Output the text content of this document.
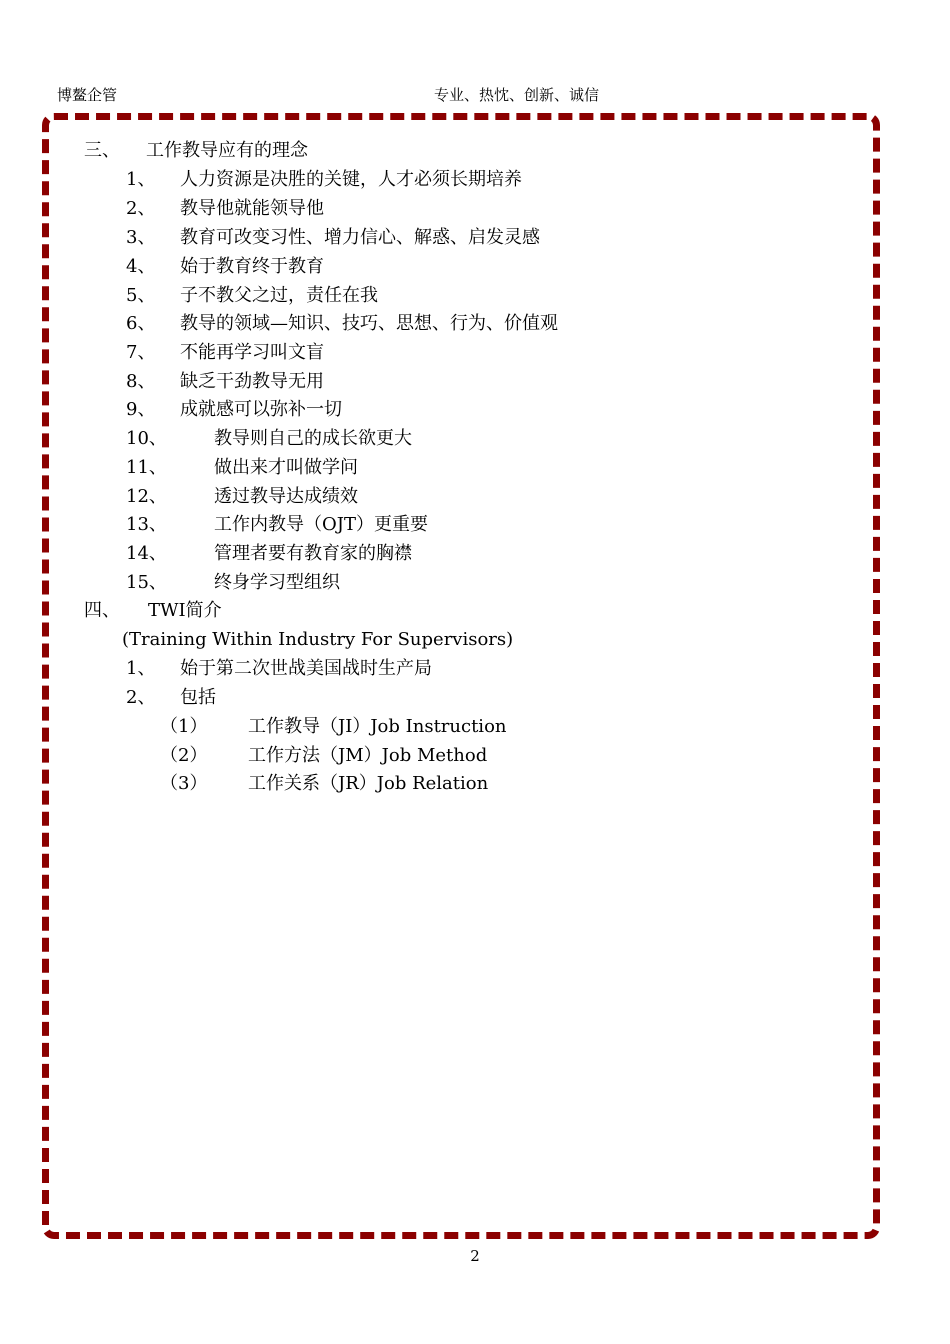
博鳌企管	专业、热忱、创新、诚信
三、 工作教导应有的理念
1、 人力资源是决胜的关键，人才必须长期培养
2、 教导他就能领导他
3、 教育可改变习性、增力信心、解惑、启发灵感
4、 始于教育终于教育
5、 子不教父之过，责任在我
6、 教导的领域—知识、技巧、思想、行为、价值观
7、 不能再学习叫文盲
8、 缺乏干劲教导无用
9、 成就感可以弥补一切
10、	教导则自己的成长欲更大
11、	做出来才叫做学问
12、	透过教导达成绩效
13、	工作内教导（OJT）更重要
14、	管理者要有教育家的胸襟
15、	终身学习型组织
四、 TWI简介
(Training Within Industry For Supervisors)
1、 始于第二次世战美国战时生产局
2、 包括
（1） 工作教导（JI）Job Instruction
（2） 工作方法（JM）Job Method
（3） 工作关系（JR）Job Relation
2
